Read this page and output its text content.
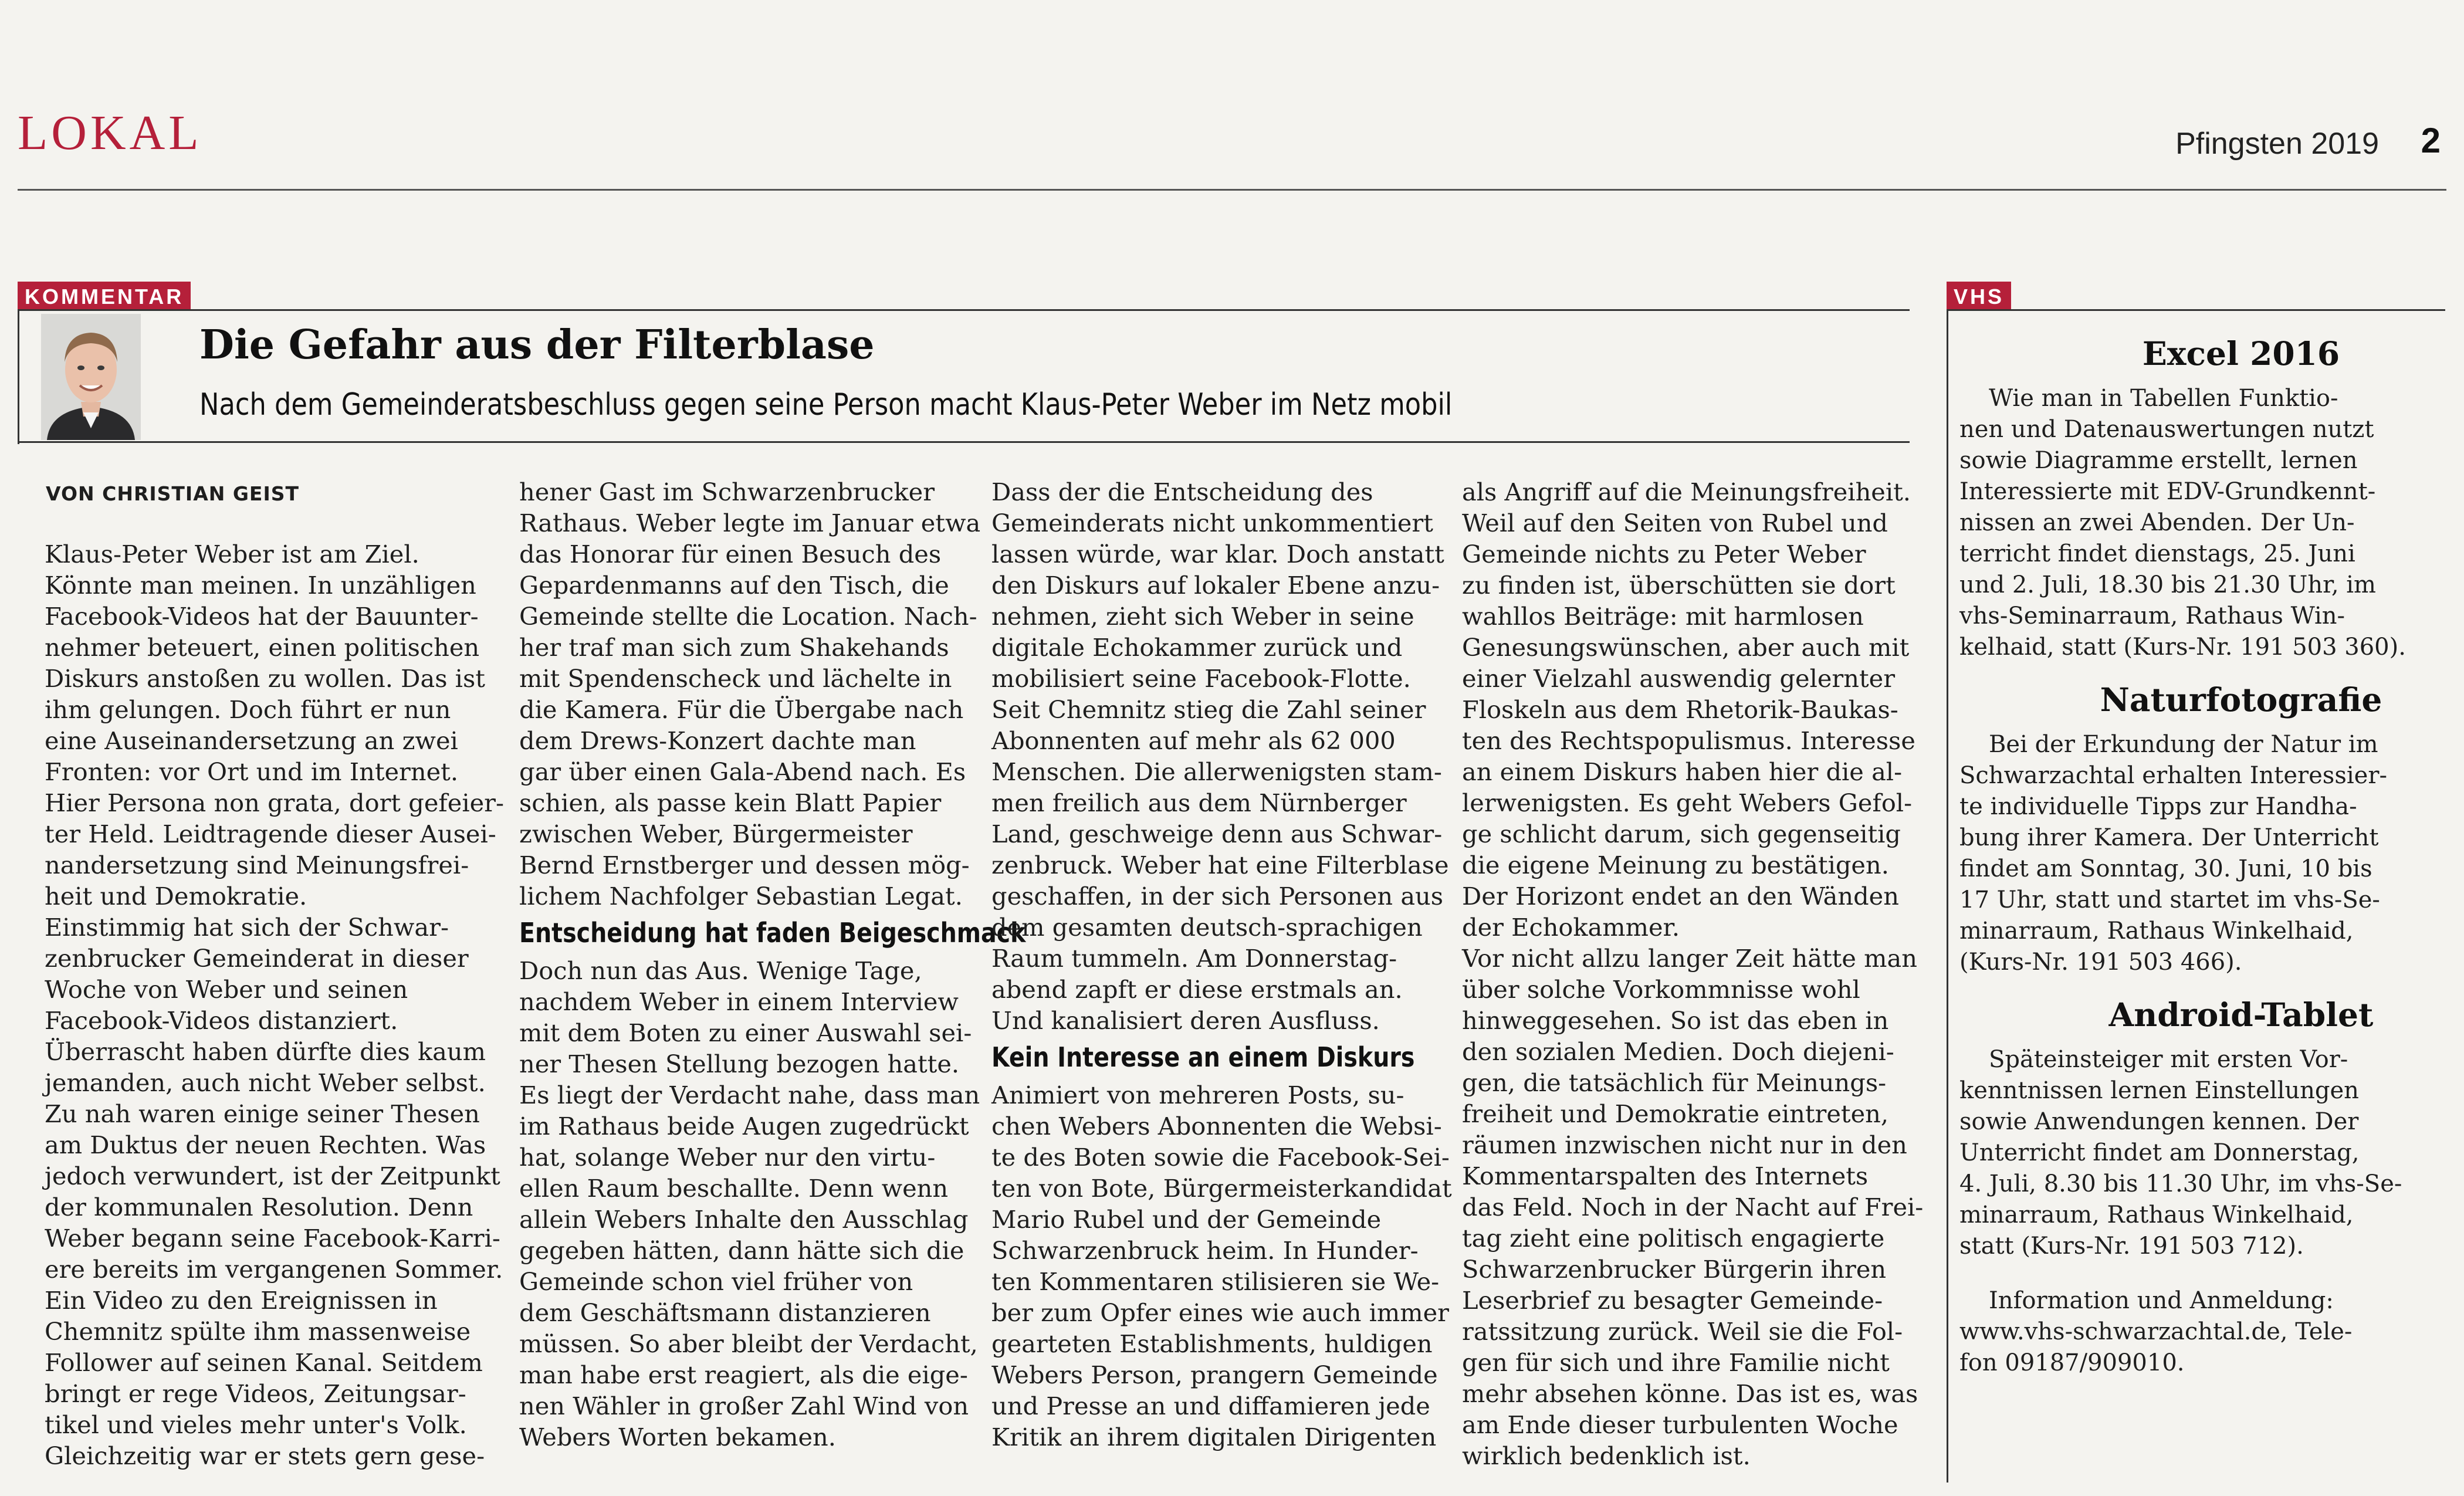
LOKAL	Pfingsten 2019 2
KOMMENTAR
Die Gefahr aus der Filterblase
Nach dem Gemeinderatsbeschluss gegen seine Person macht Klaus-Peter Weber im Netz mobil
VON CHRISTIAN GEIST
Klaus-Peter Weber ist am Ziel.
Könnte man meinen. In unzähligen
Facebook-Videos hat der Bauunter-
nehmer beteuert, einen politischen
Diskurs anstoßen zu wollen. Das ist
ihm gelungen. Doch führt er nun
eine Auseinandersetzung an zwei
Fronten: vor Ort und im Internet.
Hier Persona non grata, dort gefeier-
ter Held. Leidtragende dieser Ausei-
nandersetzung sind Meinungsfrei-
heit und Demokratie.
Einstimmig hat sich der Schwar-
zenbrucker Gemeinderat in dieser
Woche von Weber und seinen
Facebook-Videos distanziert.
Überrascht haben dürfte dies kaum
jemanden, auch nicht Weber selbst.
Zu nah waren einige seiner Thesen
am Duktus der neuen Rechten. Was
jedoch verwundert, ist der Zeitpunkt
der kommunalen Resolution. Denn
Weber begann seine Facebook-Karri-
ere bereits im vergangenen Sommer.
Ein Video zu den Ereignissen in
Chemnitz spülte ihm massenweise
Follower auf seinen Kanal. Seitdem
bringt er rege Videos, Zeitungsar-
tikel und vieles mehr unter's Volk.
Gleichzeitig war er stets gern gese-
hener Gast im Schwarzenbrucker
Rathaus. Weber legte im Januar etwa
das Honorar für einen Besuch des
Gepardenmanns auf den Tisch, die
Gemeinde stellte die Location. Nach-
her traf man sich zum Shakehands
mit Spendenscheck und lächelte in
die Kamera. Für die Übergabe nach
dem Drews-Konzert dachte man
gar über einen Gala-Abend nach. Es
schien, als passe kein Blatt Papier
zwischen Weber, Bürgermeister
Bernd Ernstberger und dessen mög-
lichem Nachfolger Sebastian Legat.
Entscheidung hat faden Beigeschmack
Doch nun das Aus. Wenige Tage,
nachdem Weber in einem Interview
mit dem Boten zu einer Auswahl sei-
ner Thesen Stellung bezogen hatte.
Es liegt der Verdacht nahe, dass man
im Rathaus beide Augen zugedrückt
hat, solange Weber nur den virtu-
ellen Raum beschallte. Denn wenn
allein Webers Inhalte den Ausschlag
gegeben hätten, dann hätte sich die
Gemeinde schon viel früher von
dem Geschäftsmann distanzieren
müssen. So aber bleibt der Verdacht,
man habe erst reagiert, als die eige-
nen Wähler in großer Zahl Wind von
Webers Worten bekamen.
Dass der die Entscheidung des
Gemeinderats nicht unkommentiert
lassen würde, war klar. Doch anstatt
den Diskurs auf lokaler Ebene anzu-
nehmen, zieht sich Weber in seine
digitale Echokammer zurück und
mobilisiert seine Facebook-Flotte.
Seit Chemnitz stieg die Zahl seiner
Abonnenten auf mehr als 62 000
Menschen. Die allerwenigsten stam-
men freilich aus dem Nürnberger
Land, geschweige denn aus Schwar-
zenbruck. Weber hat eine Filterblase
geschaffen, in der sich Personen aus
dem gesamten deutsch-sprachigen
Raum tummeln. Am Donnerstag-
abend zapft er diese erstmals an.
Und kanalisiert deren Ausfluss.
Kein Interesse an einem Diskurs
Animiert von mehreren Posts, su-
chen Webers Abonnenten die Websi-
te des Boten sowie die Facebook-Sei-
ten von Bote, Bürgermeisterkandidat
Mario Rubel und der Gemeinde
Schwarzenbruck heim. In Hunder-
ten Kommentaren stilisieren sie We-
ber zum Opfer eines wie auch immer
gearteten Establishments, huldigen
Webers Person, prangern Gemeinde
und Presse an und diffamieren jede
Kritik an ihrem digitalen Dirigenten
als Angriff auf die Meinungsfreiheit.
Weil auf den Seiten von Rubel und
Gemeinde nichts zu Peter Weber
zu finden ist, überschütten sie dort
wahllos Beiträge: mit harmlosen
Genesungswünschen, aber auch mit
einer Vielzahl auswendig gelernter
Floskeln aus dem Rhetorik-Baukas-
ten des Rechtspopulismus. Interesse
an einem Diskurs haben hier die al-
lerwenigsten. Es geht Webers Gefol-
ge schlicht darum, sich gegenseitig
die eigene Meinung zu bestätigen.
Der Horizont endet an den Wänden
der Echokammer.
Vor nicht allzu langer Zeit hätte man
über solche Vorkommnisse wohl
hinweggesehen. So ist das eben in
den sozialen Medien. Doch diejeni-
gen, die tatsächlich für Meinungs-
freiheit und Demokratie eintreten,
räumen inzwischen nicht nur in den
Kommentarspalten des Internets
das Feld. Noch in der Nacht auf Frei-
tag zieht eine politisch engagierte
Schwarzenbrucker Bürgerin ihren
Leserbrief zu besagter Gemeinde-
ratssitzung zurück. Weil sie die Fol-
gen für sich und ihre Familie nicht
mehr absehen könne. Das ist es, was
am Ende dieser turbulenten Woche
wirklich bedenklich ist.
VHS
Excel 2016
Wie man in Tabellen Funktio-
nen und Datenauswertungen nutzt
sowie Diagramme erstellt, lernen
Interessierte mit EDV-Grundkennt-
nissen an zwei Abenden. Der Un-
terricht findet dienstags, 25. Juni
und 2. Juli, 18.30 bis 21.30 Uhr, im
vhs-Seminarraum, Rathaus Win-
kelhaid, statt (Kurs-Nr. 191 503 360).
Naturfotografie
Bei der Erkundung der Natur im
Schwarzachtal erhalten Interessier-
te individuelle Tipps zur Handha-
bung ihrer Kamera. Der Unterricht
findet am Sonntag, 30. Juni, 10 bis
17 Uhr, statt und startet im vhs-Se-
minarraum, Rathaus Winkelhaid,
(Kurs-Nr. 191 503 466).
Android-Tablet
Späteinsteiger mit ersten Vor-
kenntnissen lernen Einstellungen
sowie Anwendungen kennen. Der
Unterricht findet am Donnerstag,
4. Juli, 8.30 bis 11.30 Uhr, im vhs-Se-
minarraum, Rathaus Winkelhaid,
statt (Kurs-Nr. 191 503 712).
Information und Anmeldung:
www.vhs-schwarzachtal.de, Tele-
fon 09187/909010.
